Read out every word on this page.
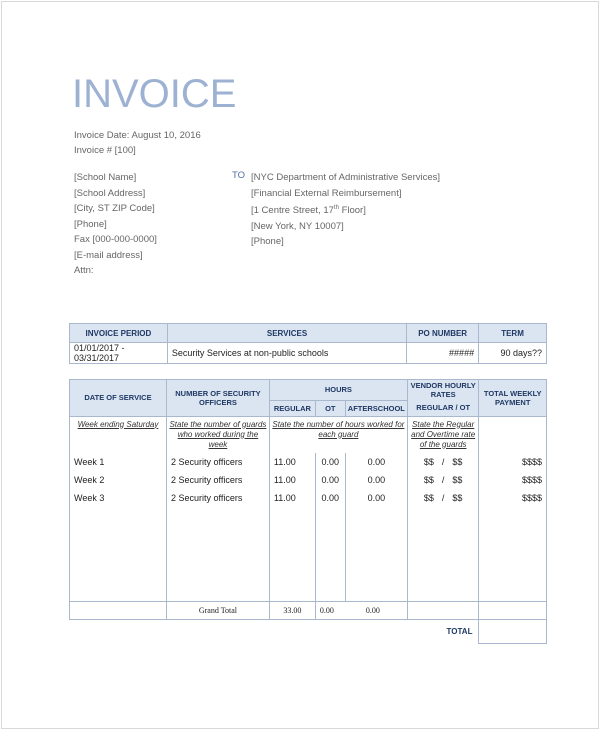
INVOICE
Invoice Date: August 10, 2016
Invoice # [100]
[School Name]
[School Address]
[City, ST ZIP Code]
[Phone]
Fax [000-000-0000]
[E-mail address]
Attn:
TO [NYC Department of Administrative Services]
[Financial External Reimbursement]
[1 Centre Street, 17th Floor]
[New York, NY 10007]
[Phone]
INVOICE PERIOD	SERVICES	PO NUMBER	TERM
01/01/2017 - 03/31/2017	Security Services at non-public schools	#####	90 days??
DATE OF SERVICE	NUMBER OF SECURITY OFFICERS	HOURS			VENDOR HOURLY RATES	TOTAL WEEKLY PAYMENT
		REGULAR	OT	AFTERSCHOOL	REGULAR / OT	
Week ending Saturday	State the number of guards who worked during the week	State the number of hours worked for each guard			State the Regular and Overtime rate of the guards	
Week 1	2 Security officers	11.00	0.00	0.00	$$ / $$	$$$$
Week 2	2 Security officers	11.00	0.00	0.00	$$ / $$	$$$$
Week 3	2 Security officers	11.00	0.00	0.00	$$ / $$	$$$$

	Grand Total	33.00	0.00 0.00			
					TOTAL	
